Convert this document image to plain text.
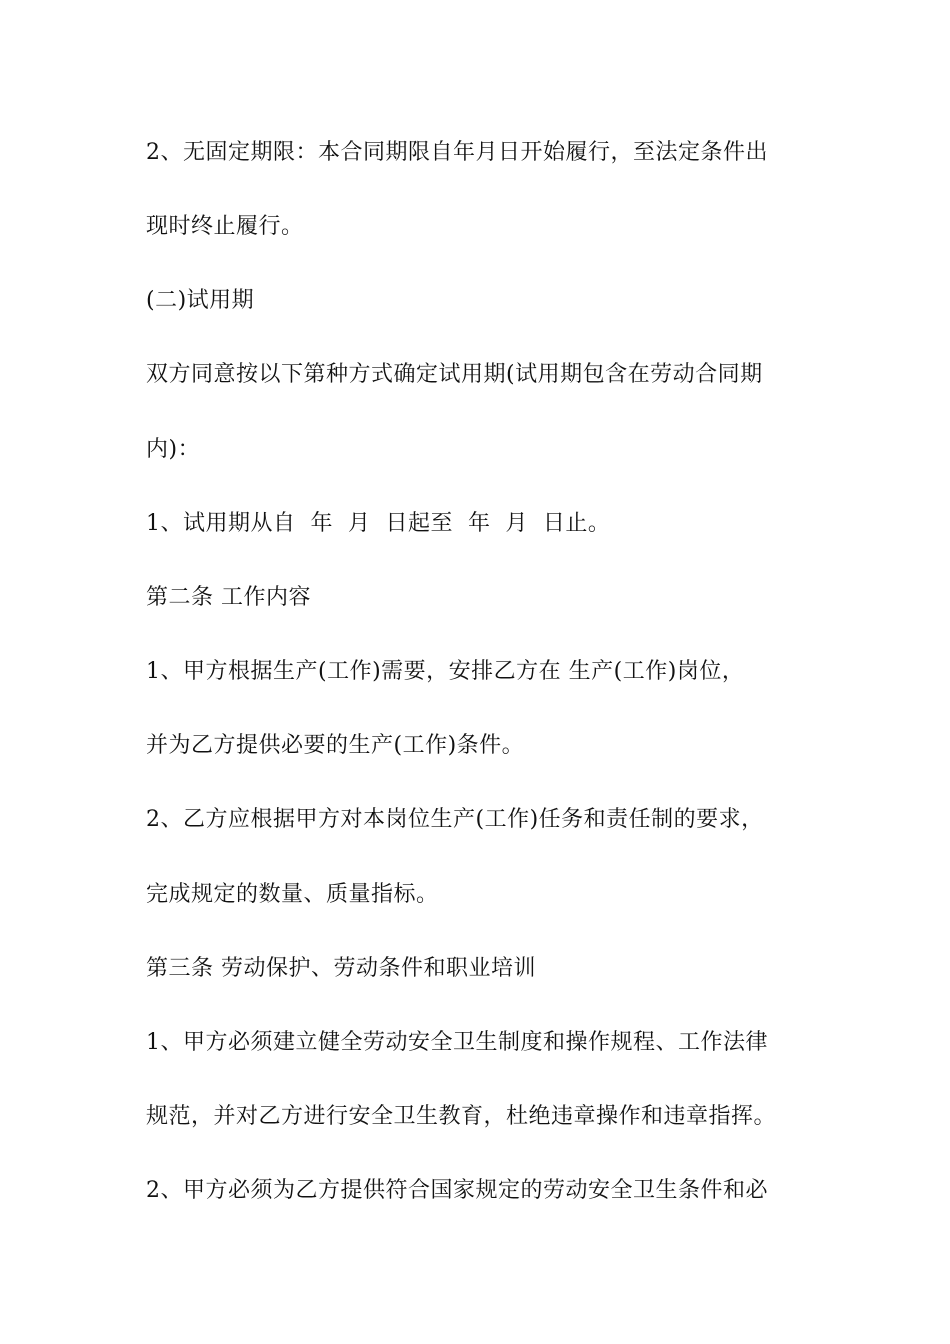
2、无固定期限：本合同期限自年月日开始履行，至法定条件出
现时终止履行。
(二)试用期
双方同意按以下第种方式确定试用期(试用期包含在劳动合同期
内)：
1、试用期从自  年  月  日起至  年  月  日止。
第二条 工作内容
1、甲方根据生产(工作)需要，安排乙方在 生产(工作)岗位，
并为乙方提供必要的生产(工作)条件。
2、乙方应根据甲方对本岗位生产(工作)任务和责任制的要求，
完成规定的数量、质量指标。
第三条 劳动保护、劳动条件和职业培训
1、甲方必须建立健全劳动安全卫生制度和操作规程、工作法律
规范，并对乙方进行安全卫生教育，杜绝违章操作和违章指挥。
2、甲方必须为乙方提供符合国家规定的劳动安全卫生条件和必
